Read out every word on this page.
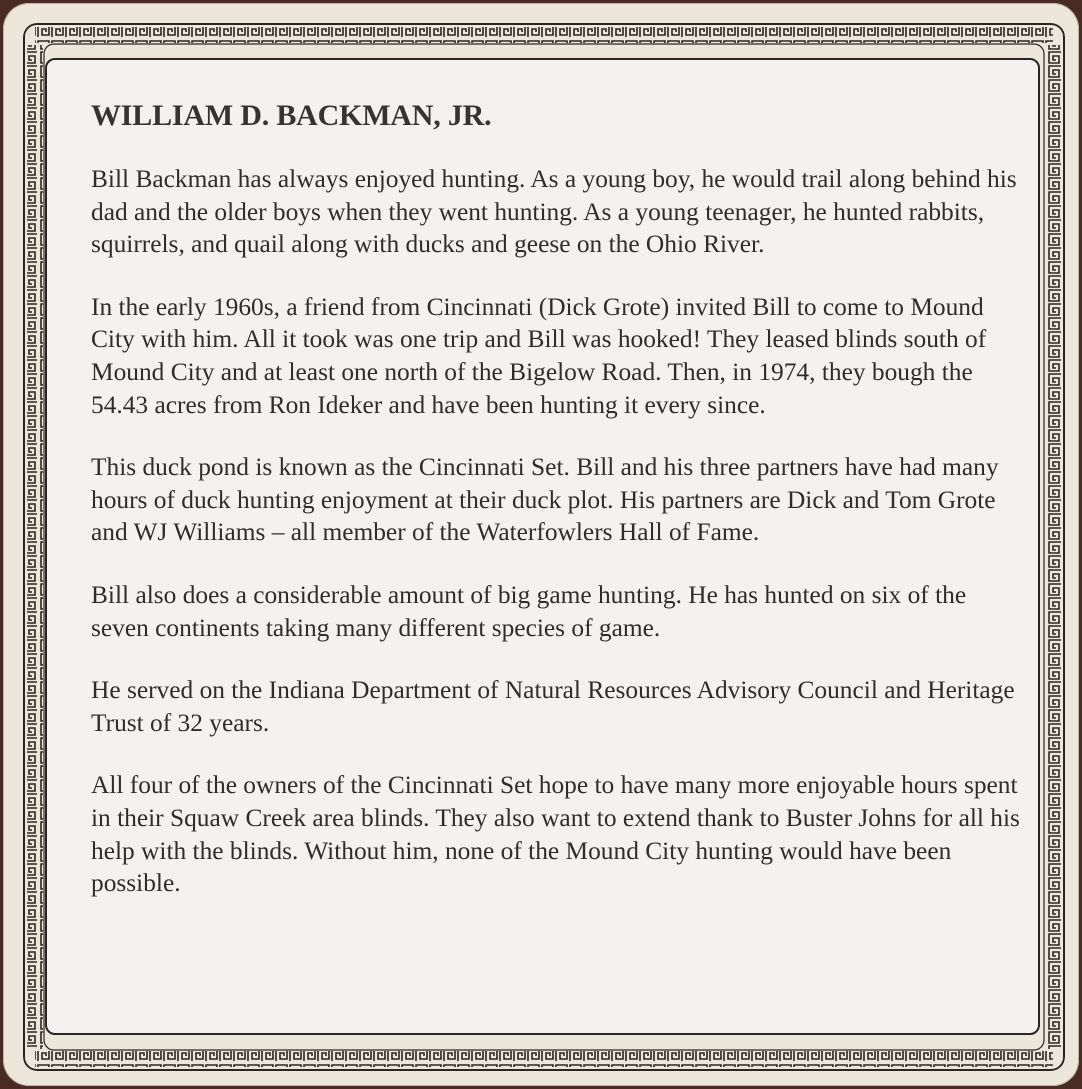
WILLIAM D. BACKMAN, JR.

Bill Backman has always enjoyed hunting. As a young boy, he would trail along behind his dad and the older boys when they went hunting. As a young teenager, he hunted rabbits, squirrels, and quail along with ducks and geese on the Ohio River.

In the early 1960s, a friend from Cincinnati (Dick Grote) invited Bill to come to Mound City with him. All it took was one trip and Bill was hooked! They leased blinds south of Mound City and at least one north of the Bigelow Road. Then, in 1974, they bough the 54.43 acres from Ron Ideker and have been hunting it every since.

This duck pond is known as the Cincinnati Set. Bill and his three partners have had many hours of duck hunting enjoyment at their duck plot. His partners are Dick and Tom Grote and WJ Williams – all member of the Waterfowlers Hall of Fame.

Bill also does a considerable amount of big game hunting. He has hunted on six of the seven continents taking many different species of game.

He served on the Indiana Department of Natural Resources Advisory Council and Heritage Trust of 32 years.

All four of the owners of the Cincinnati Set hope to have many more enjoyable hours spent in their Squaw Creek area blinds. They also want to extend thank to Buster Johns for all his help with the blinds. Without him, none of the Mound City hunting would have been possible.
